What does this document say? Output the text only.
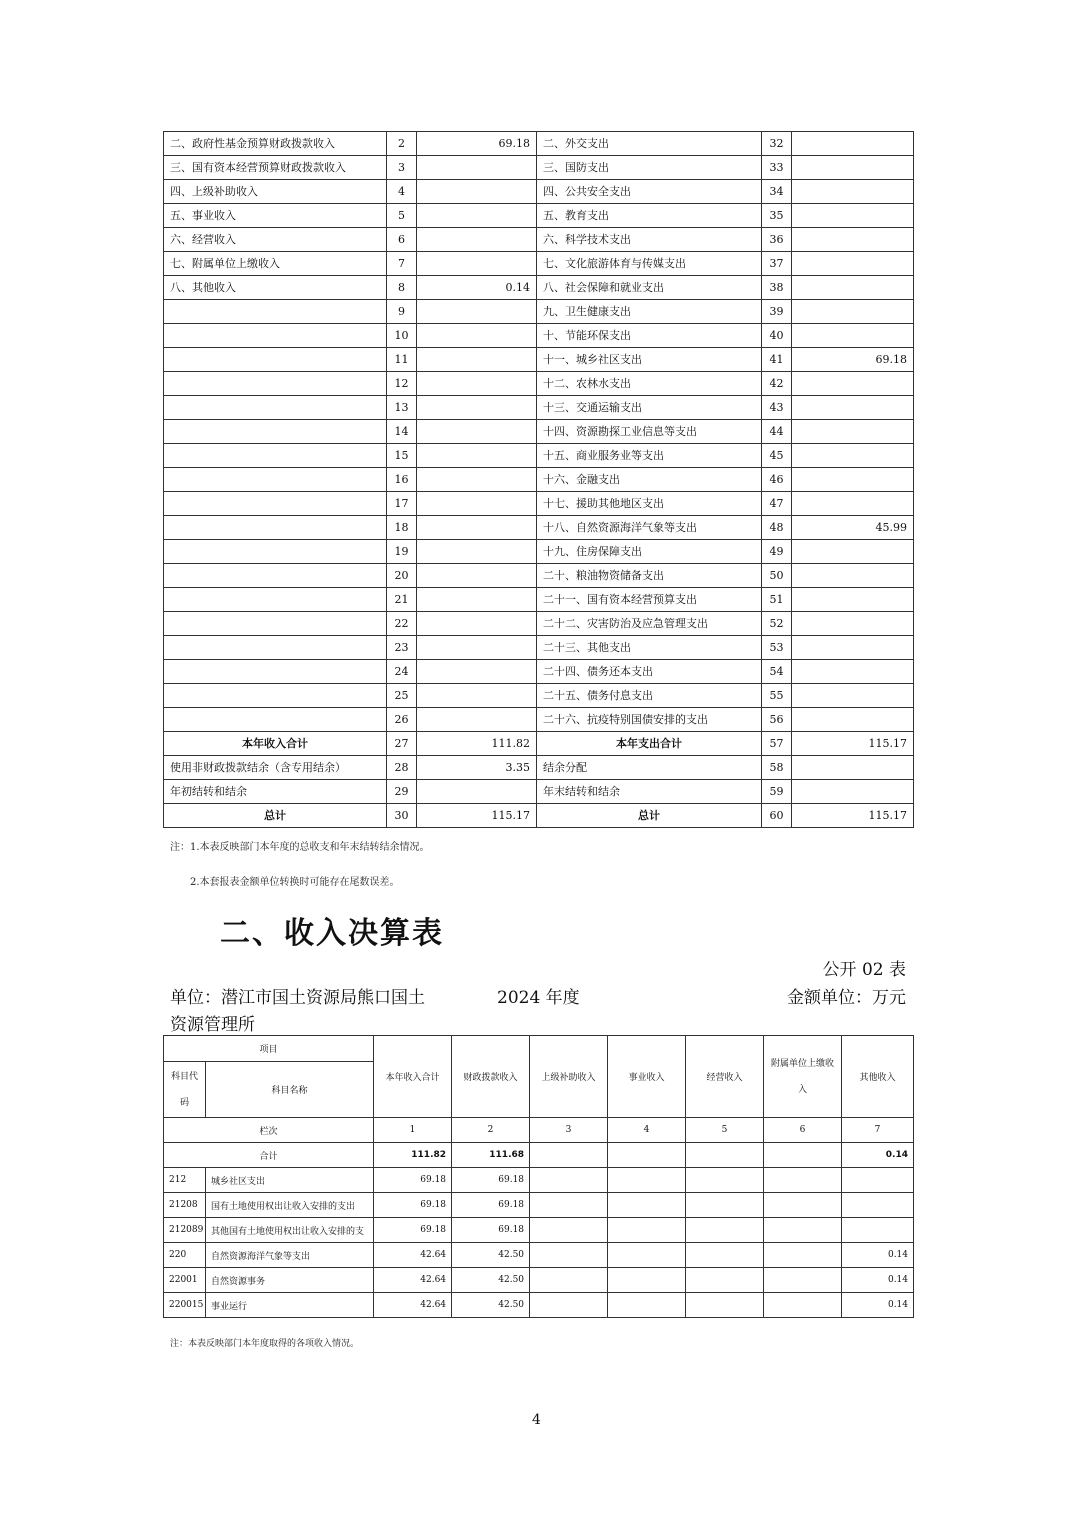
二、政府性基金预算财政拨款收入	2	69.18	二、外交支出	32	
三、国有资本经营预算财政拨款收入	3		三、国防支出	33	
四、上级补助收入	4		四、公共安全支出	34	
五、事业收入	5		五、教育支出	35	
六、经营收入	6		六、科学技术支出	36	
七、附属单位上缴收入	7		七、文化旅游体育与传媒支出	37	
八、其他收入	8	0.14	八、社会保障和就业支出	38	
	9		九、卫生健康支出	39	
	10		十、节能环保支出	40	
	11		十一、城乡社区支出	41	69.18
	12		十二、农林水支出	42	
	13		十三、交通运输支出	43	
	14		十四、资源勘探工业信息等支出	44	
	15		十五、商业服务业等支出	45	
	16		十六、金融支出	46	
	17		十七、援助其他地区支出	47	
	18		十八、自然资源海洋气象等支出	48	45.99
	19		十九、住房保障支出	49	
	20		二十、粮油物资储备支出	50	
	21		二十一、国有资本经营预算支出	51	
	22		二十二、灾害防治及应急管理支出	52	
	23		二十三、其他支出	53	
	24		二十四、债务还本支出	54	
	25		二十五、债务付息支出	55	
	26		二十六、抗疫特别国债安排的支出	56	
本年收入合计	27	111.82	本年支出合计	57	115.17
使用非财政拨款结余（含专用结余）	28	3.35	结余分配	58	
年初结转和结余	29		年末结转和结余	59	
总计	30	115.17	总计	60	115.17
注：1.本表反映部门本年度的总收支和年末结转结余情况。
2.本套报表金额单位转换时可能存在尾数误差。
二、收入决算表
公开 02 表
单位：潜江市国土资源局熊口国土
资源管理所
2024 年度	金额单位：万元
项目		本年收入合计	财政拨款收入	上级补助收入	事业收入	经营收入	附属单位上缴收入	其他收入
科目代码	科目名称							
栏次		1	2	3	4	5	6	7
合计		111.82	111.68					0.14
212	城乡社区支出	69.18	69.18					
21208	国有土地使用权出让收入安排的支出	69.18	69.18					
212089	其他国有土地使用权出让收入安排的支	69.18	69.18					
220	自然资源海洋气象等支出	42.64	42.50					0.14
22001	自然资源事务	42.64	42.50					0.14
220015	事业运行	42.64	42.50					0.14
注：本表反映部门本年度取得的各项收入情况。
4
